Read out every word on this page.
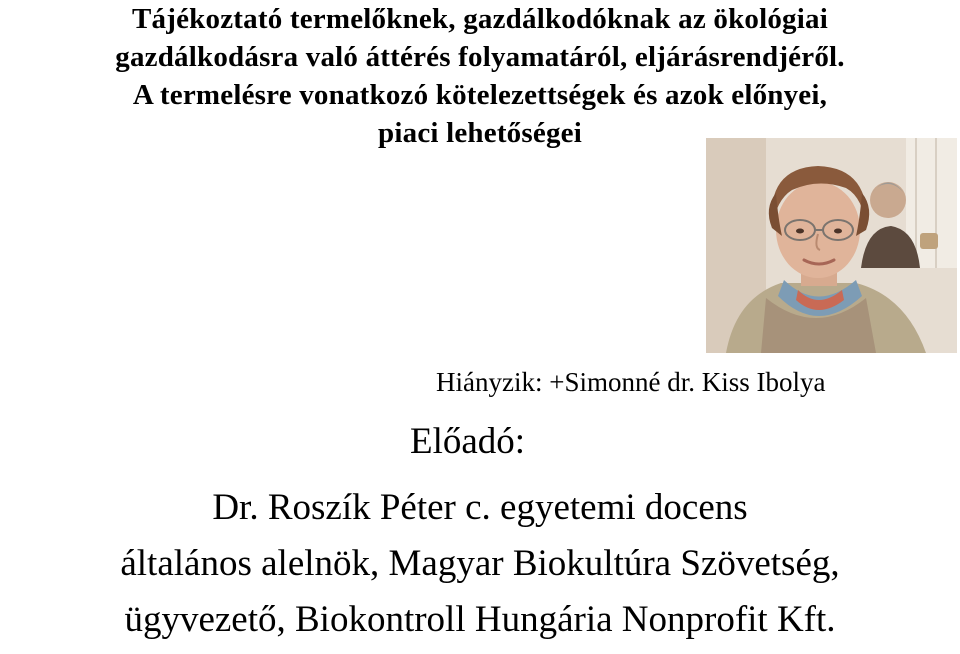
Tájékoztató termelőknek, gazdálkodóknak az ökológiai
gazdálkodásra való áttérés folyamatáról, eljárásrendjéről.
A termelésre vonatkozó kötelezettségek és azok előnyei,
piaci lehetőségei
Hiányzik: +Simonné dr. Kiss Ibolya
Előadó:
Dr. Roszík Péter c. egyetemi docens
általános alelnök, Magyar Biokultúra Szövetség,
ügyvezető, Biokontroll Hungária Nonprofit Kft.
